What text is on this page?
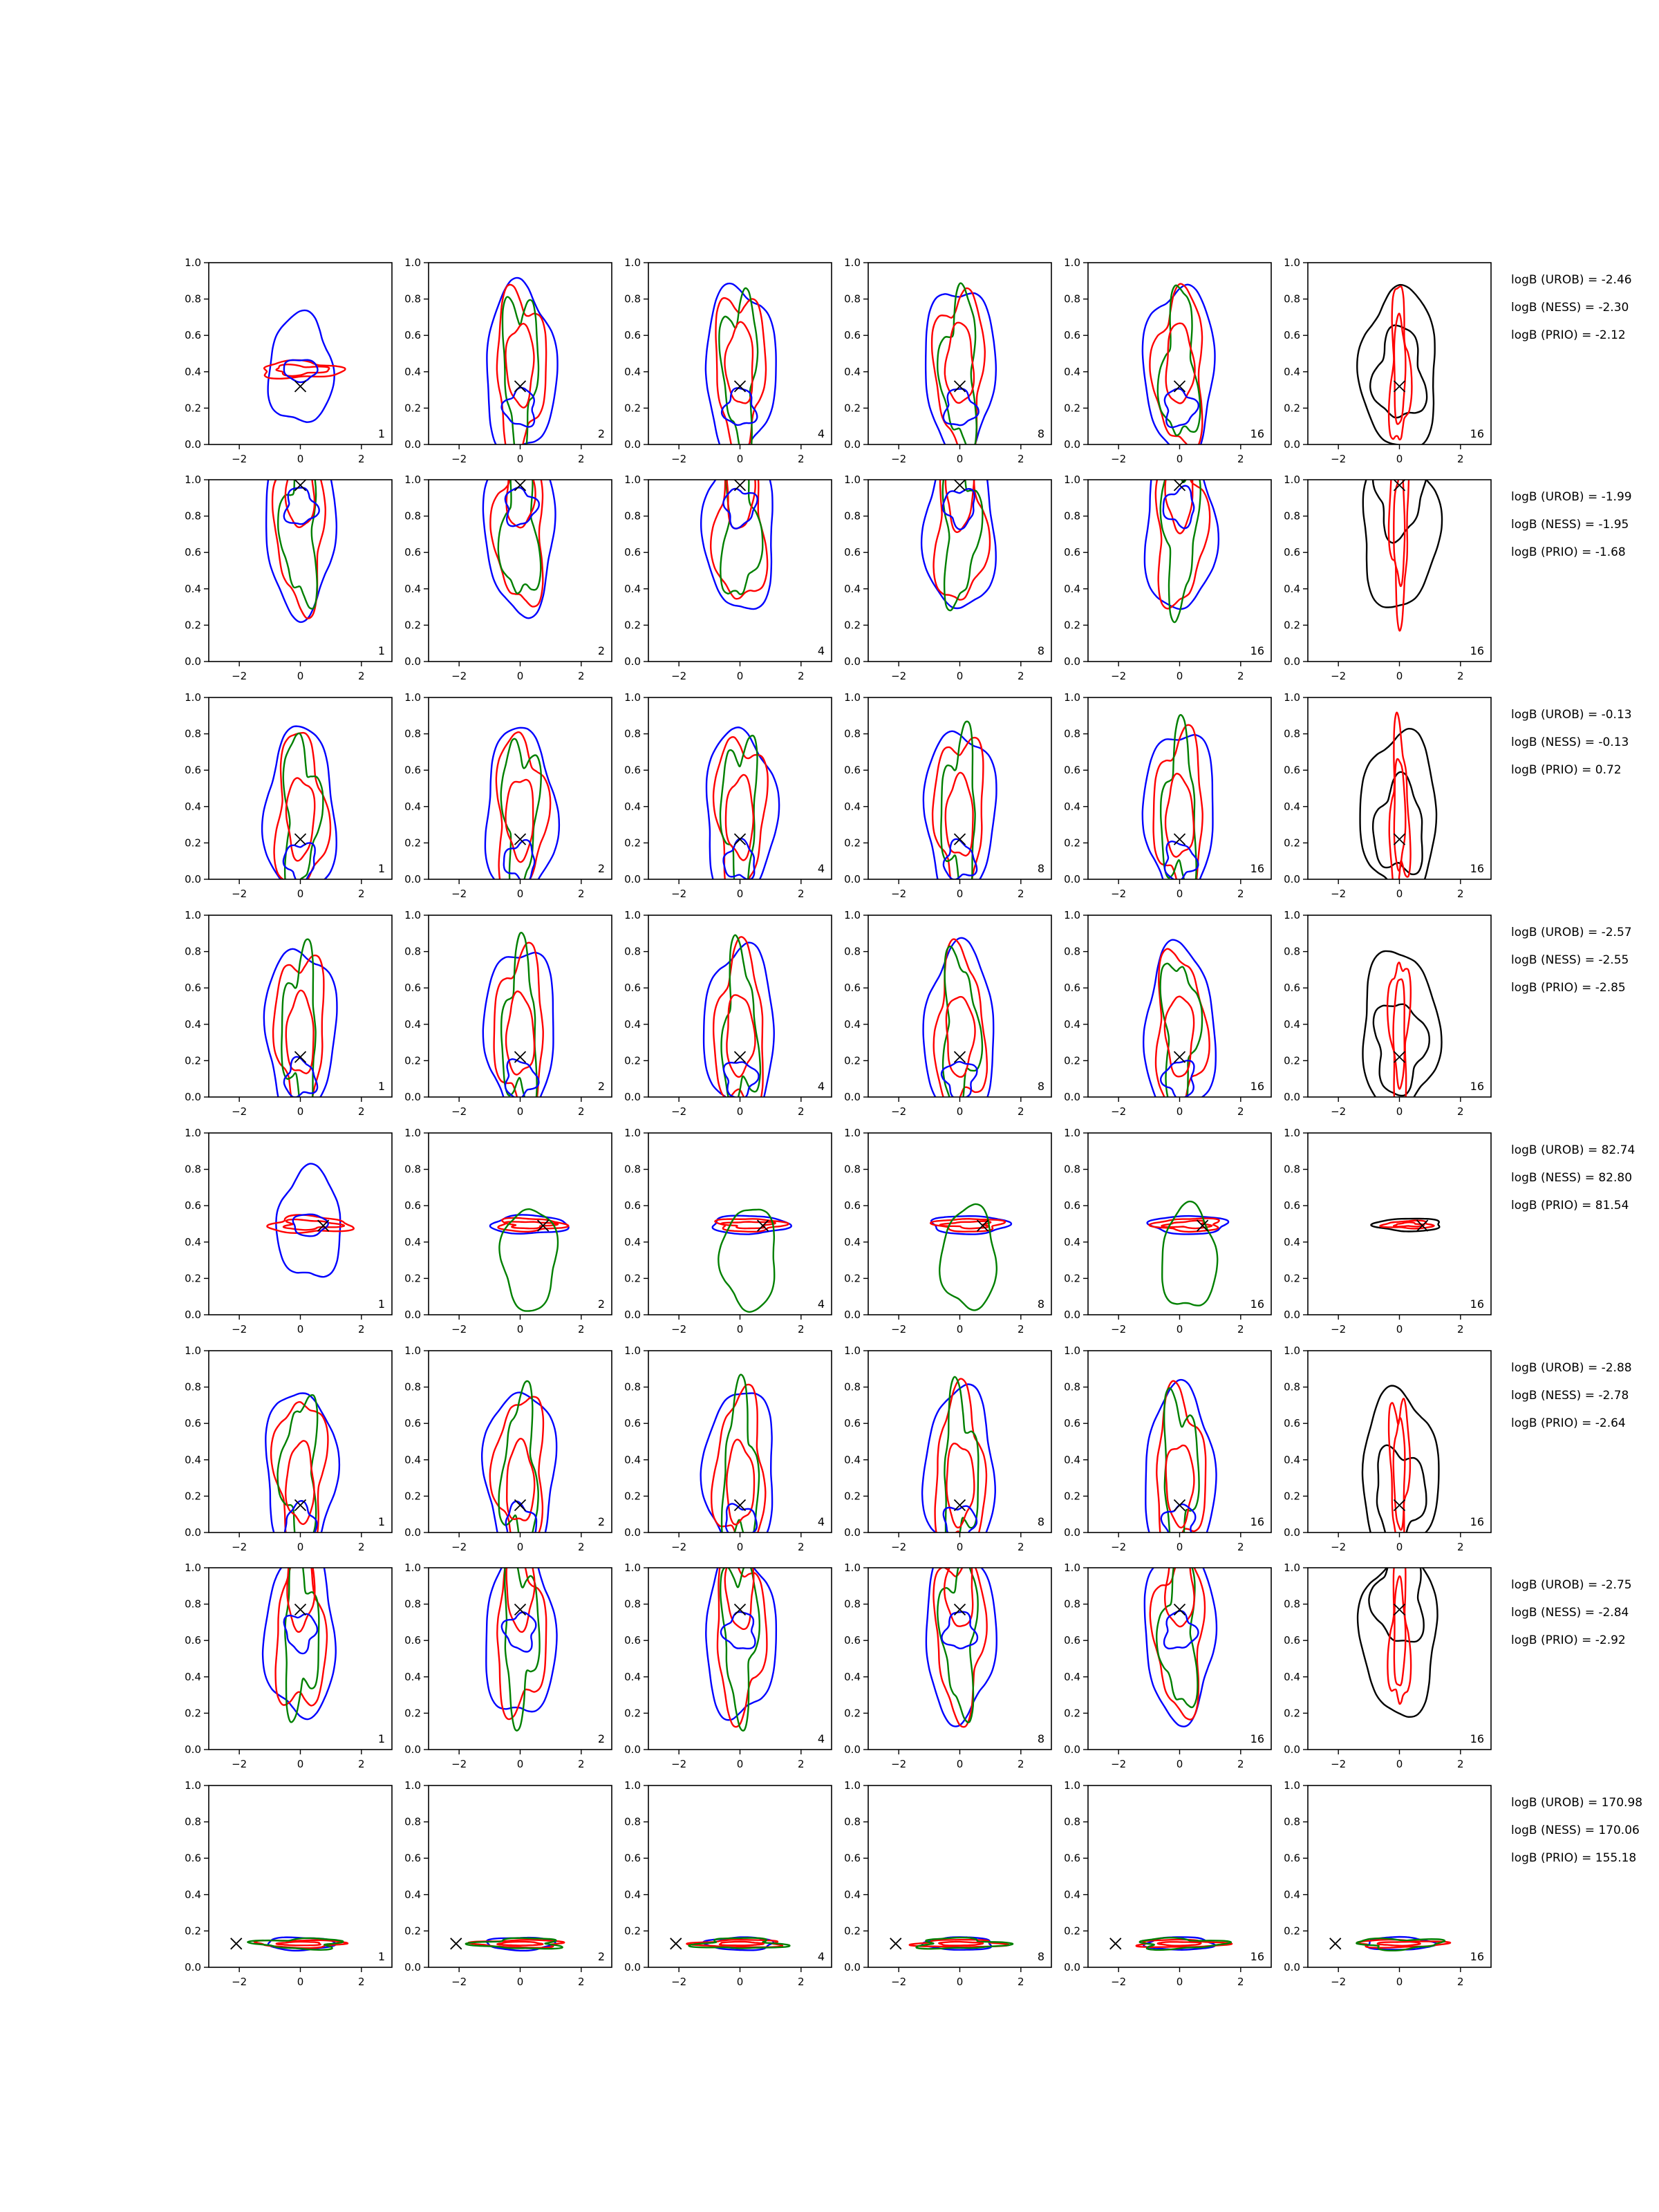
0.0
0.2
0.4
0.6
0.8
1.0
−2	0	2
1
0.0
0.2
0.4
0.6
0.8
1.0
−2	0	2
2
0.0
0.2
0.4
0.6
0.8
1.0
−2	0	2
4
0.0
0.2
0.4
0.6
0.8
1.0
−2	0	2
8
0.0
0.2
0.4
0.6
0.8
1.0
−2	0	2
16
0.0
0.2
0.4
0.6
0.8
1.0
−2	0	2
16
logB (UROB) = -2.46
logB (NESS) = -2.30
logB (PRIO) = -2.12
0.0
0.2
0.4
0.6
0.8
1.0
−2	0	2
1
0.0
0.2
0.4
0.6
0.8
1.0
−2	0	2
2
0.0
0.2
0.4
0.6
0.8
1.0
−2	0	2
4
0.0
0.2
0.4
0.6
0.8
1.0
−2	0	2
8
0.0
0.2
0.4
0.6
0.8
1.0
−2	0	2
16
0.0
0.2
0.4
0.6
0.8
1.0
−2	0	2
16
logB (UROB) = -1.99
logB (NESS) = -1.95
logB (PRIO) = -1.68
0.0
0.2
0.4
0.6
0.8
1.0
−2	0	2
1
0.0
0.2
0.4
0.6
0.8
1.0
−2	0	2
2
0.0
0.2
0.4
0.6
0.8
1.0
−2	0	2
4
0.0
0.2
0.4
0.6
0.8
1.0
−2	0	2
8
0.0
0.2
0.4
0.6
0.8
1.0
−2	0	2
16
0.0
0.2
0.4
0.6
0.8
1.0
−2	0	2
16
logB (UROB) = -0.13
logB (NESS) = -0.13
logB (PRIO) = 0.72
0.0
0.2
0.4
0.6
0.8
1.0
−2	0	2
1
0.0
0.2
0.4
0.6
0.8
1.0
−2	0	2
2
0.0
0.2
0.4
0.6
0.8
1.0
−2	0	2
4
0.0
0.2
0.4
0.6
0.8
1.0
−2	0	2
8
0.0
0.2
0.4
0.6
0.8
1.0
−2	0	2
16
0.0
0.2
0.4
0.6
0.8
1.0
−2	0	2
16
logB (UROB) = -2.57
logB (NESS) = -2.55
logB (PRIO) = -2.85
0.0
0.2
0.4
0.6
0.8
1.0
−2	0	2
1
0.0
0.2
0.4
0.6
0.8
1.0
−2	0	2
2
0.0
0.2
0.4
0.6
0.8
1.0
−2	0	2
4
0.0
0.2
0.4
0.6
0.8
1.0
−2	0	2
8
0.0
0.2
0.4
0.6
0.8
1.0
−2	0	2
16
0.0
0.2
0.4
0.6
0.8
1.0
−2	0	2
16
logB (UROB) = 82.74
logB (NESS) = 82.80
logB (PRIO) = 81.54
0.0
0.2
0.4
0.6
0.8
1.0
−2	0	2
1
0.0
0.2
0.4
0.6
0.8
1.0
−2	0	2
2
0.0
0.2
0.4
0.6
0.8
1.0
−2	0	2
4
0.0
0.2
0.4
0.6
0.8
1.0
−2	0	2
8
0.0
0.2
0.4
0.6
0.8
1.0
−2	0	2
16
0.0
0.2
0.4
0.6
0.8
1.0
−2	0	2
16
logB (UROB) = -2.88
logB (NESS) = -2.78
logB (PRIO) = -2.64
0.0
0.2
0.4
0.6
0.8
1.0
−2	0	2
1
0.0
0.2
0.4
0.6
0.8
1.0
−2	0	2
2
0.0
0.2
0.4
0.6
0.8
1.0
−2	0	2
4
0.0
0.2
0.4
0.6
0.8
1.0
−2	0	2
8
0.0
0.2
0.4
0.6
0.8
1.0
−2	0	2
16
0.0
0.2
0.4
0.6
0.8
1.0
−2	0	2
16
logB (UROB) = -2.75
logB (NESS) = -2.84
logB (PRIO) = -2.92
0.0
0.2
0.4
0.6
0.8
1.0
−2	0	2
1
0.0
0.2
0.4
0.6
0.8
1.0
−2	0	2
2
0.0
0.2
0.4
0.6
0.8
1.0
−2	0	2
4
0.0
0.2
0.4
0.6
0.8
1.0
−2	0	2
8
0.0
0.2
0.4
0.6
0.8
1.0
−2	0	2
16
0.0
0.2
0.4
0.6
0.8
1.0
−2	0	2
16
logB (UROB) = 170.98
logB (NESS) = 170.06
logB (PRIO) = 155.18
